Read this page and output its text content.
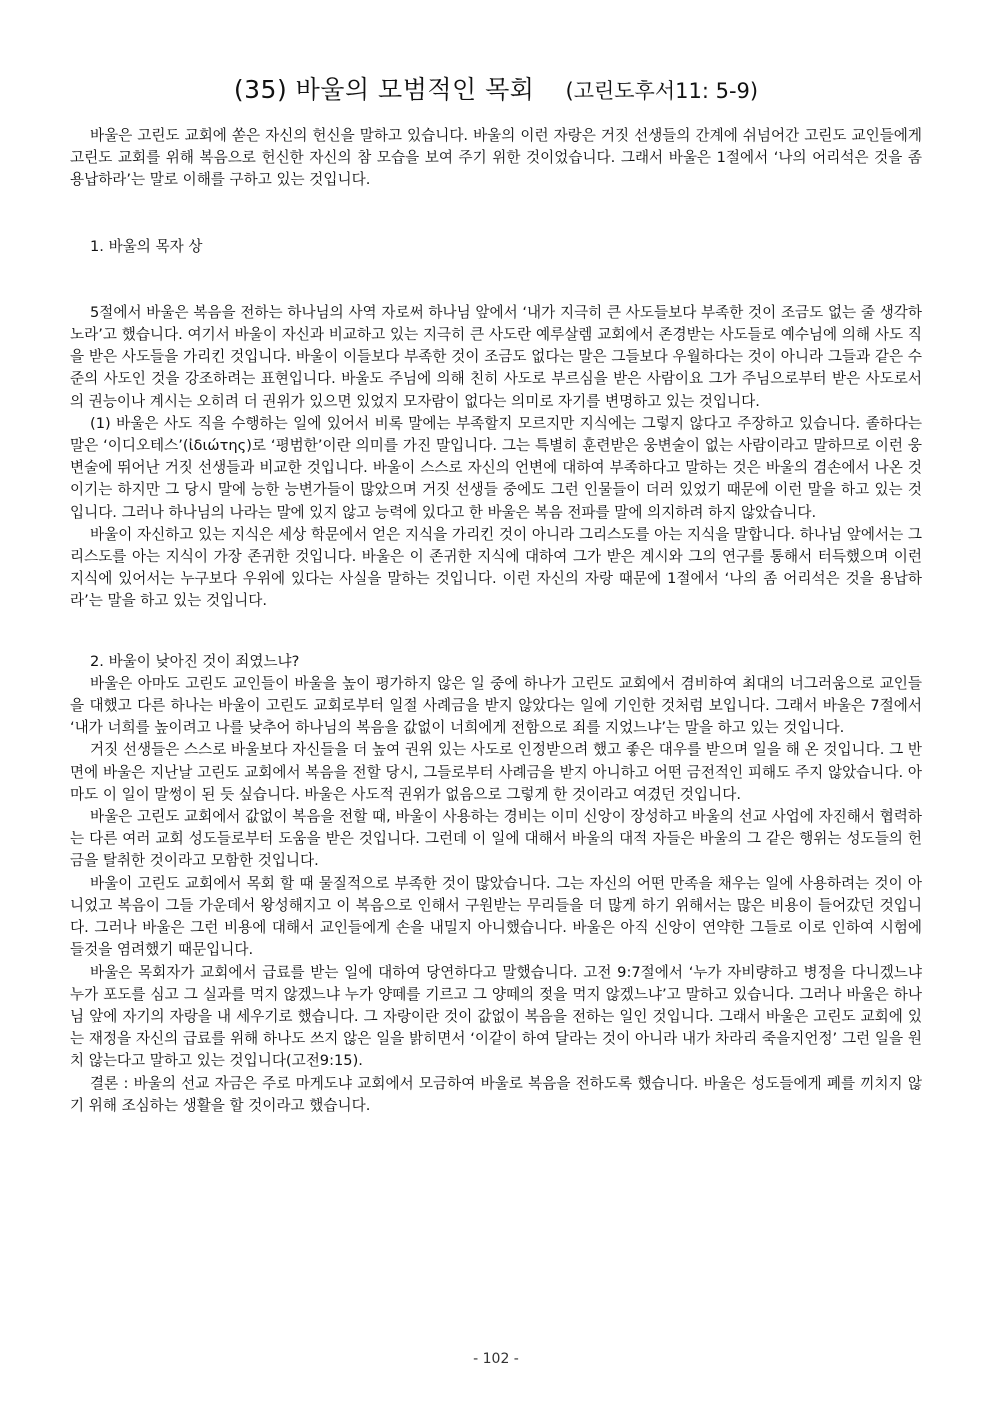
(35) 바울의 모범적인 목회 (고린도후서11: 5-9)

바울은 고린도 교회에 쏟은 자신의 헌신을 말하고 있습니다. 바울의 이런 자랑은 거짓 선생들의 간계에 쉬넘어간 고린도 교인들에게 고린도 교회를 위해 복음으로 헌신한 자신의 참 모습을 보여 주기 위한 것이었습니다. 그래서 바울은 1절에서 ‘나의 어리석은 것을 좀 용납하라’는 말로 이해를 구하고 있는 것입니다.

1. 바울의 목자 상

5절에서 바울은 복음을 전하는 하나님의 사역 자로써 하나님 앞에서 ‘내가 지극히 큰 사도들보다 부족한 것이 조금도 없는 줄 생각하노라’고 했습니다. 여기서 바울이 자신과 비교하고 있는 지극히 큰 사도란 예루살렘 교회에서 존경받는 사도들로 예수님에 의해 사도 직을 받은 사도들을 가리킨 것입니다. 바울이 이들보다 부족한 것이 조금도 없다는 말은 그들보다 우월하다는 것이 아니라 그들과 같은 수준의 사도인 것을 강조하려는 표현입니다. 바울도 주님에 의해 친히 사도로 부르심을 받은 사람이요 그가 주님으로부터 받은 사도로서의 권능이나 계시는 오히려 더 권위가 있으면 있었지 모자람이 없다는 의미로 자기를 변명하고 있는 것입니다.

(1) 바울은 사도 직을 수행하는 일에 있어서 비록 말에는 부족할지 모르지만 지식에는 그렇지 않다고 주장하고 있습니다. 졸하다는 말은 ‘이디오테스’(ἰδιώτης)로 ‘평범한’이란 의미를 가진 말입니다. 그는 특별히 훈련받은 웅변술이 없는 사람이라고 말하므로 이런 웅변술에 뛰어난 거짓 선생들과 비교한 것입니다. 바울이 스스로 자신의 언변에 대하여 부족하다고 말하는 것은 바울의 겸손에서 나온 것이기는 하지만 그 당시 말에 능한 능변가들이 많았으며 거짓 선생들 중에도 그런 인물들이 더러 있었기 때문에 이런 말을 하고 있는 것입니다. 그러나 하나님의 나라는 말에 있지 않고 능력에 있다고 한 바울은 복음 전파를 말에 의지하려 하지 않았습니다.

바울이 자신하고 있는 지식은 세상 학문에서 얻은 지식을 가리킨 것이 아니라 그리스도를 아는 지식을 말합니다. 하나님 앞에서는 그리스도를 아는 지식이 가장 존귀한 것입니다. 바울은 이 존귀한 지식에 대하여 그가 받은 계시와 그의 연구를 통해서 터득했으며 이런 지식에 있어서는 누구보다 우위에 있다는 사실을 말하는 것입니다. 이런 자신의 자랑 때문에 1절에서 ‘나의 좀 어리석은 것을 용납하라’는 말을 하고 있는 것입니다.

2. 바울이 낮아진 것이 죄였느냐?

바울은 아마도 고린도 교인들이 바울을 높이 평가하지 않은 일 중에 하나가 고린도 교회에서 겸비하여 최대의 너그러움으로 교인들을 대했고 다른 하나는 바울이 고린도 교회로부터 일절 사례금을 받지 않았다는 일에 기인한 것처럼 보입니다. 그래서 바울은 7절에서 ‘내가 너희를 높이려고 나를 낮추어 하나님의 복음을 값없이 너희에게 전함으로 죄를 지었느냐’는 말을 하고 있는 것입니다.

거짓 선생들은 스스로 바울보다 자신들을 더 높여 권위 있는 사도로 인정받으려 했고 좋은 대우를 받으며 일을 해 온 것입니다. 그 반면에 바울은 지난날 고린도 교회에서 복음을 전할 당시, 그들로부터 사례금을 받지 아니하고 어떤 금전적인 피해도 주지 않았습니다. 아마도 이 일이 말썽이 된 듯 싶습니다. 바울은 사도적 권위가 없음으로 그렇게 한 것이라고 여겼던 것입니다.

바울은 고린도 교회에서 값없이 복음을 전할 때, 바울이 사용하는 경비는 이미 신앙이 장성하고 바울의 선교 사업에 자진해서 협력하는 다른 여러 교회 성도들로부터 도움을 받은 것입니다. 그런데 이 일에 대해서 바울의 대적 자들은 바울의 그 같은 행위는 성도들의 헌금을 탈취한 것이라고 모함한 것입니다.

바울이 고린도 교회에서 목회 할 때 물질적으로 부족한 것이 많았습니다. 그는 자신의 어떤 만족을 채우는 일에 사용하려는 것이 아니었고 복음이 그들 가운데서 왕성해지고 이 복음으로 인해서 구원받는 무리들을 더 많게 하기 위해서는 많은 비용이 들어갔던 것입니다. 그러나 바울은 그런 비용에 대해서 교인들에게 손을 내밀지 아니했습니다. 바울은 아직 신앙이 연약한 그들로 이로 인하여 시험에 들것을 염려했기 때문입니다.

바울은 목회자가 교회에서 급료를 받는 일에 대하여 당연하다고 말했습니다. 고전 9:7절에서 ‘누가 자비량하고 병정을 다니겠느냐 누가 포도를 심고 그 실과를 먹지 않겠느냐 누가 양떼를 기르고 그 양떼의 젖을 먹지 않겠느냐’고 말하고 있습니다. 그러나 바울은 하나님 앞에 자기의 자랑을 내 세우기로 했습니다. 그 자랑이란 것이 값없이 복음을 전하는 일인 것입니다. 그래서 바울은 고린도 교회에 있는 재정을 자신의 급료를 위해 하나도 쓰지 않은 일을 밝히면서 ‘이같이 하여 달라는 것이 아니라 내가 차라리 죽을지언정’ 그런 일을 원치 않는다고 말하고 있는 것입니다(고전9:15).

결론 : 바울의 선교 자금은 주로 마게도냐 교회에서 모금하여 바울로 복음을 전하도록 했습니다. 바울은 성도들에게 폐를 끼치지 않기 위해 조심하는 생활을 할 것이라고 했습니다.

- 102 -
